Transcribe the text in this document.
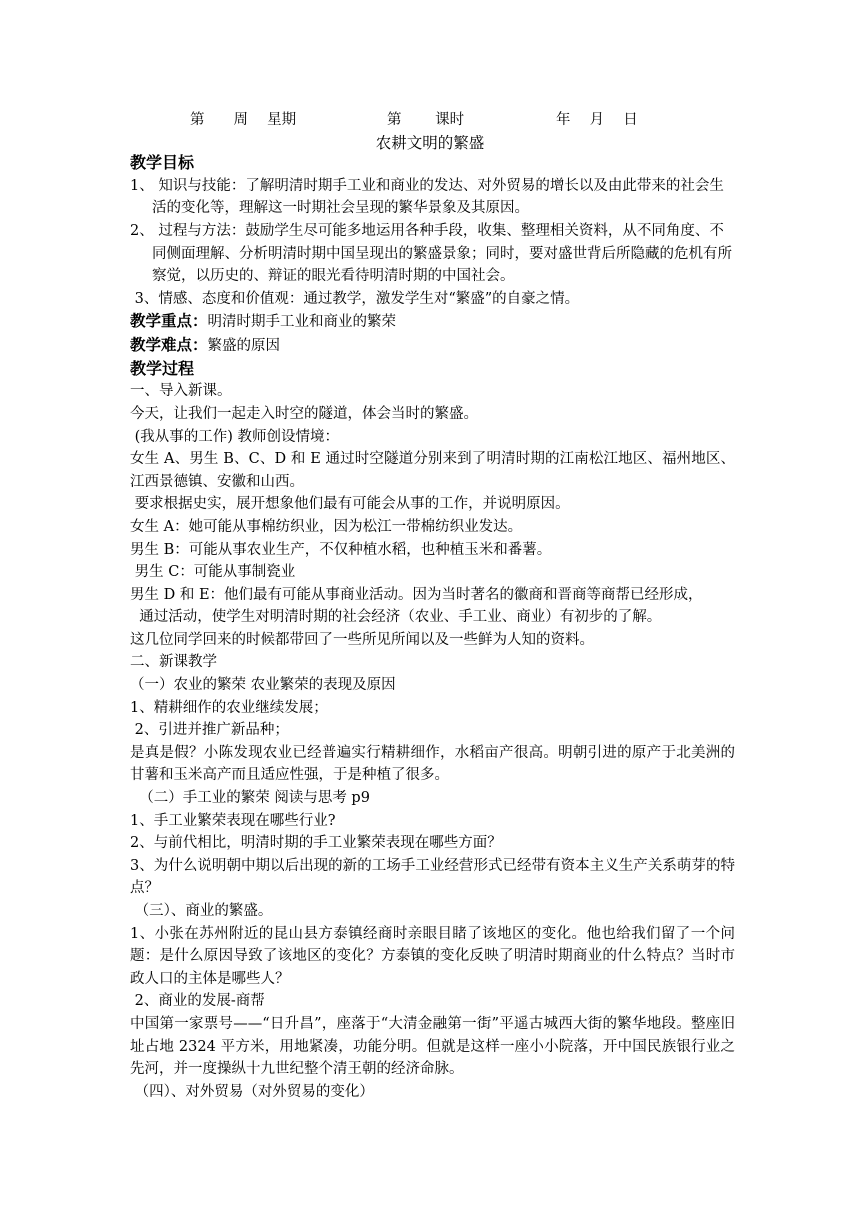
第　　周　 星期	第　　 课时	年　 月　 日
农耕文明的繁盛

教学目标

1、 知识与技能：了解明清时期手工业和商业的发达、对外贸易的增长以及由此带来的社会生活的变化等，理解这一时期社会呈现的繁华景象及其原因。

2、 过程与方法：鼓励学生尽可能多地运用各种手段，收集、整理相关资料，从不同角度、不同侧面理解、分析明清时期中国呈现出的繁盛景象；同时，要对盛世背后所隐藏的危机有所察觉，以历史的、辩证的眼光看待明清时期的中国社会。

3、情感、态度和价值观：通过教学，激发学生对“繁盛”的自豪之情。

教学重点：明清时期手工业和商业的繁荣

教学难点：繁盛的原因

教学过程

一、导入新课。

今天，让我们一起走入时空的隧道，体会当时的繁盛。

(我从事的工作) 教师创设情境：

女生 A、男生 B、C、D 和 E 通过时空隧道分别来到了明清时期的江南松江地区、福州地区、江西景德镇、安徽和山西。

要求根据史实，展开想象他们最有可能会从事的工作，并说明原因。

女生 A：她可能从事棉纺织业，因为松江一带棉纺织业发达。

男生 B：可能从事农业生产，不仅种植水稻，也种植玉米和番薯。

男生 C：可能从事制瓷业

男生 D 和 E：他们最有可能从事商业活动。因为当时著名的徽商和晋商等商帮已经形成，

通过活动，使学生对明清时期的社会经济（农业、手工业、商业）有初步的了解。

这几位同学回来的时候都带回了一些所见所闻以及一些鲜为人知的资料。

二、新课教学

（一）农业的繁荣 农业繁荣的表现及原因

1、精耕细作的农业继续发展；

2、引进并推广新品种；

是真是假？小陈发现农业已经普遍实行精耕细作，水稻亩产很高。明朝引进的原产于北美洲的甘薯和玉米高产而且适应性强，于是种植了很多。

（二）手工业的繁荣 阅读与思考 p9

1、手工业繁荣表现在哪些行业?

2、与前代相比，明清时期的手工业繁荣表现在哪些方面？

3、为什么说明朝中期以后出现的新的工场手工业经营形式已经带有资本主义生产关系萌芽的特点？

（三）、商业的繁盛。

1、小张在苏州附近的昆山县方泰镇经商时亲眼目睹了该地区的变化。他也给我们留了一个问题：是什么原因导致了该地区的变化？方泰镇的变化反映了明清时期商业的什么特点？当时市政人口的主体是哪些人？

2、商业的发展-商帮

中国第一家票号——“日升昌”，座落于“大清金融第一街”平遥古城西大街的繁华地段。整座旧址占地 2324 平方米，用地紧凑，功能分明。但就是这样一座小小院落，开中国民族银行业之先河，并一度操纵十九世纪整个清王朝的经济命脉。

（四）、对外贸易（对外贸易的变化）
